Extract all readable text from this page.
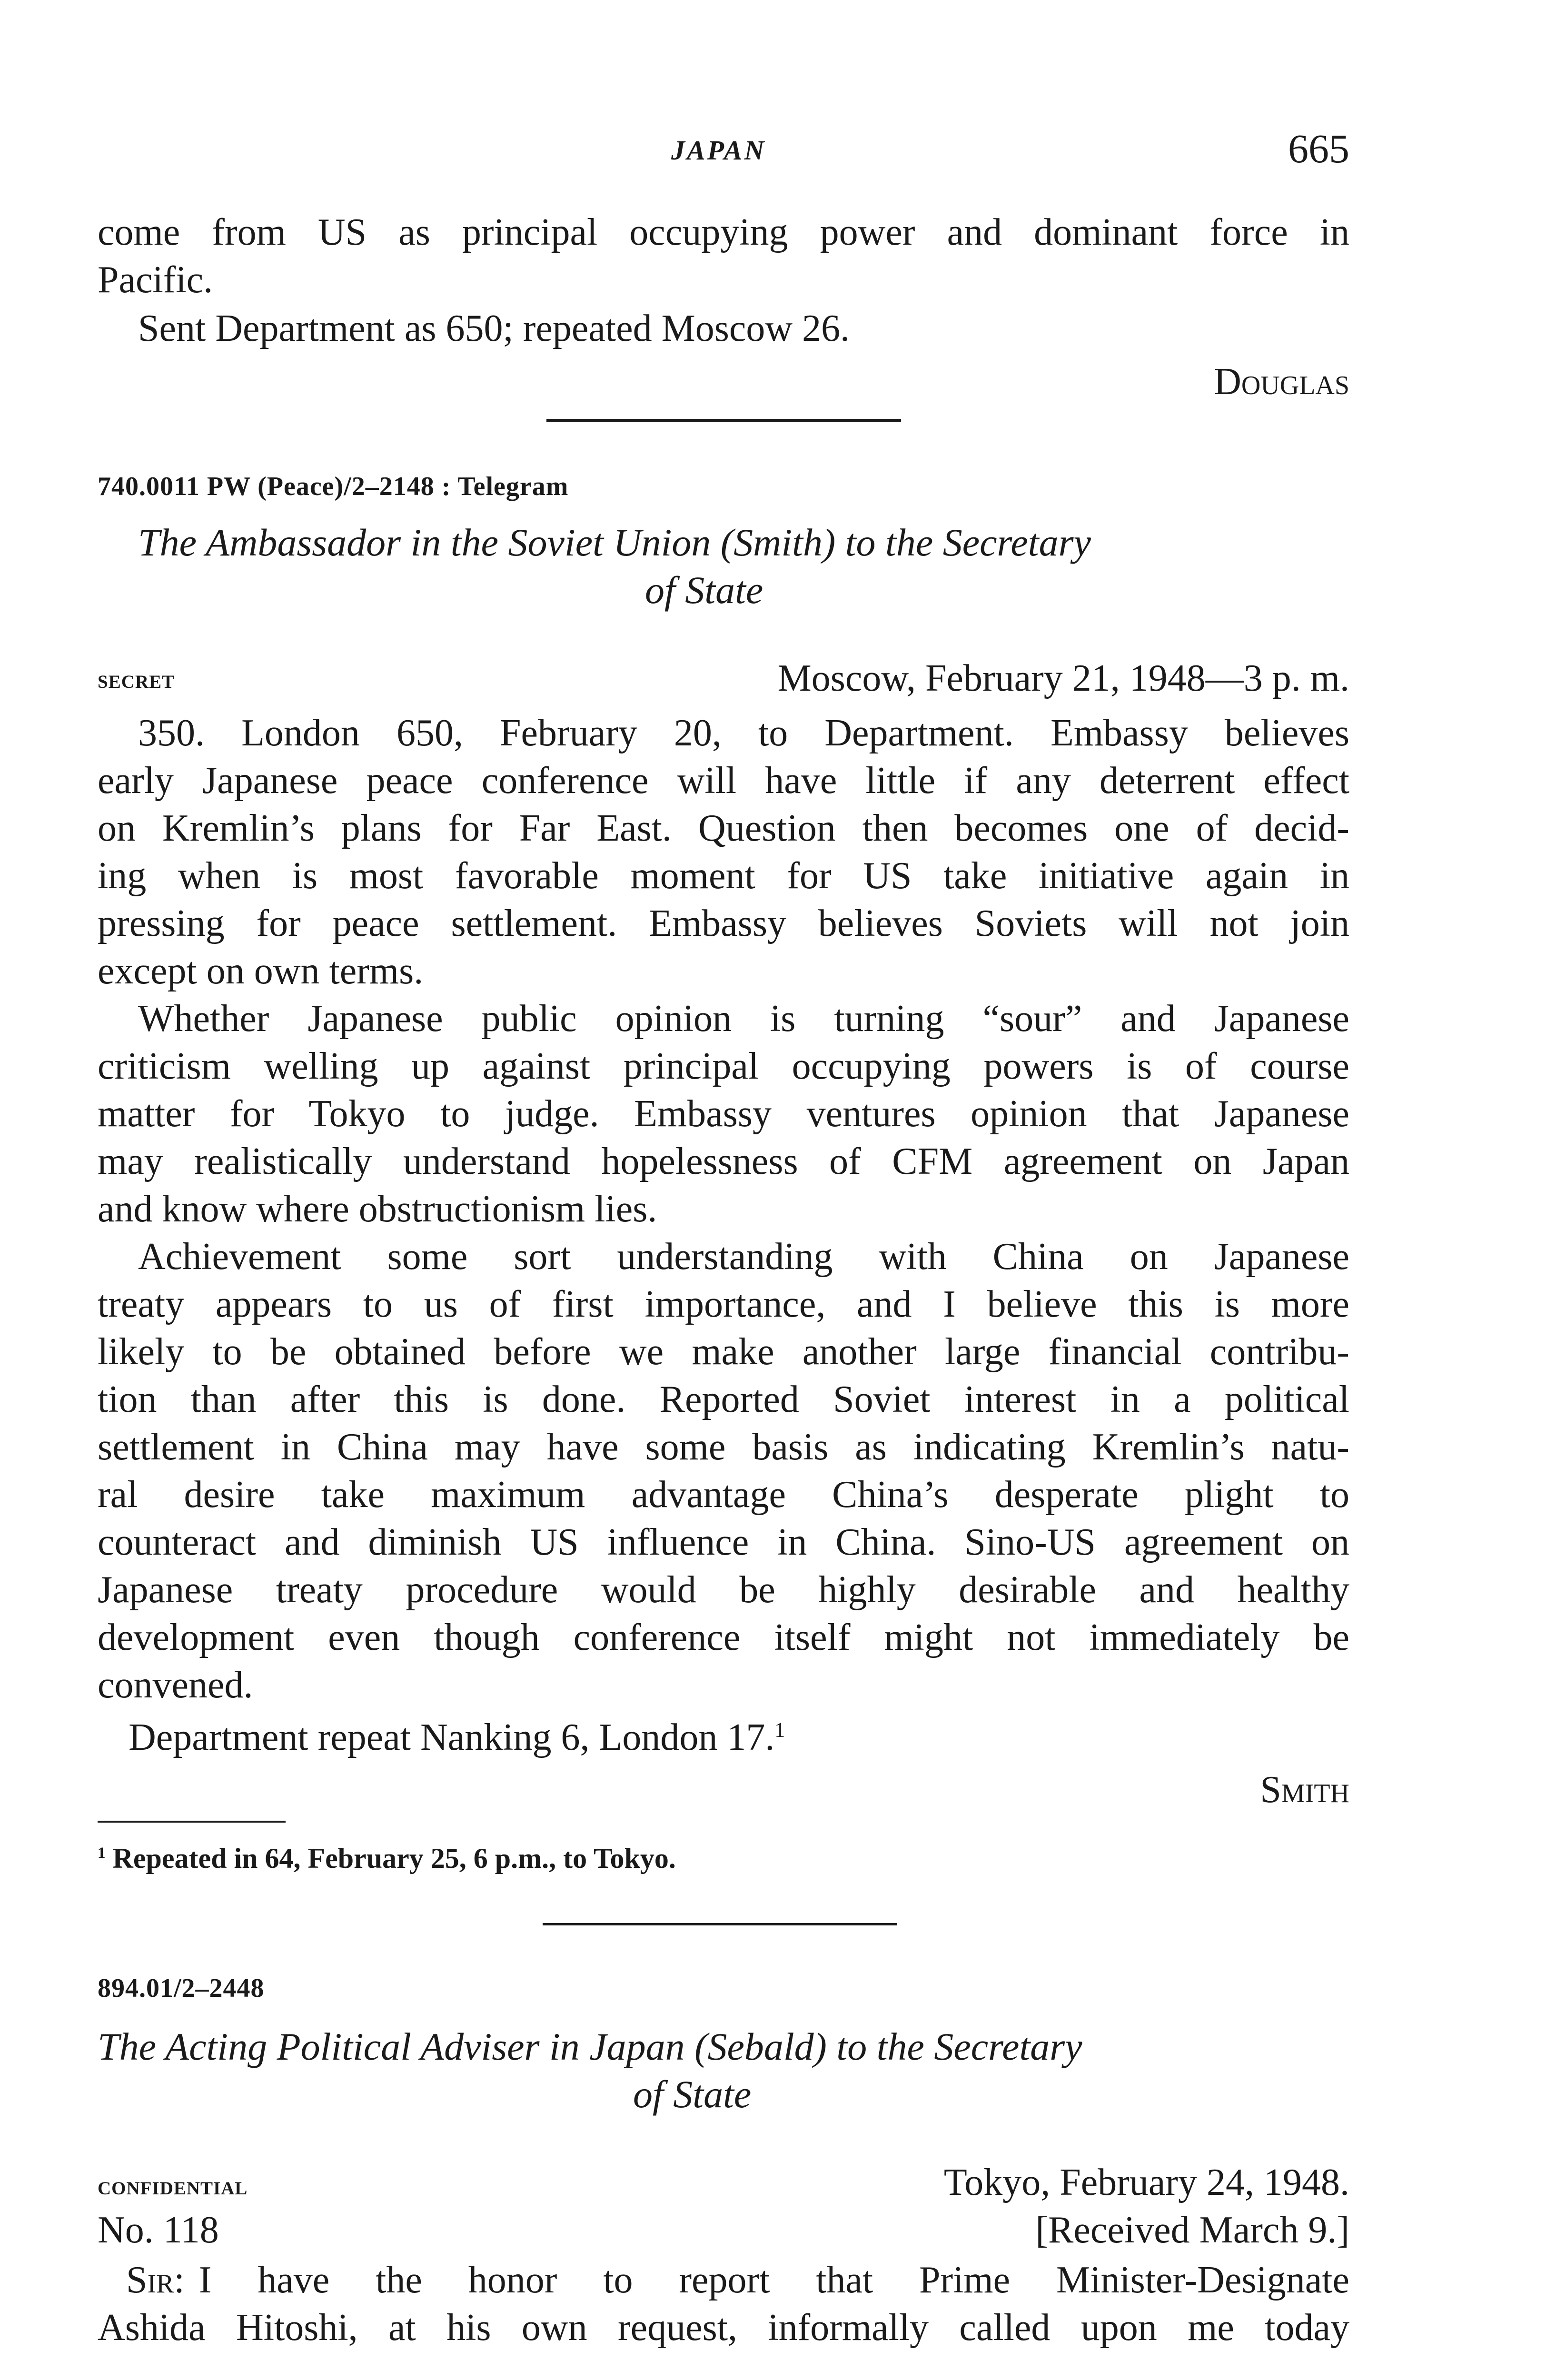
JAPAN	665
come from US as principal occupying power and dominant force in
Pacific.
Sent Department as 650; repeated Moscow 26.
Douglas
740.0011 PW (Peace)/2–2148 : Telegram
The Ambassador in the Soviet Union (Smith) to the Secretary
of State
secret	Moscow, February 21, 1948—3 p. m.
350. London 650, February 20, to Department. Embassy believes
early Japanese peace conference will have little if any deterrent effect
on Kremlin’s plans for Far East. Question then becomes one of decid-
ing when is most favorable moment for US take initiative again in
pressing for peace settlement. Embassy believes Soviets will not join
except on own terms.
Whether Japanese public opinion is turning “sour” and Japanese
criticism welling up against principal occupying powers is of course
matter for Tokyo to judge. Embassy ventures opinion that Japanese
may realistically understand hopelessness of CFM agreement on Japan
and know where obstructionism lies.
Achievement some sort understanding with China on Japanese
treaty appears to us of first importance, and I believe this is more
likely to be obtained before we make another large financial contribu-
tion than after this is done. Reported Soviet interest in a political
settlement in China may have some basis as indicating Kremlin’s natu-
ral desire take maximum advantage China’s desperate plight to
counteract and diminish US influence in China. Sino-US agreement on
Japanese treaty procedure would be highly desirable and healthy
development even though conference itself might not immediately be
convened.
Department repeat Nanking 6, London 17.$^1$
Smith
$^1$ Repeated in 64, February 25, 6 p.m., to Tokyo.
894.01/2–2448
The Acting Political Adviser in Japan (Sebald) to the Secretary
of State
confidential	Tokyo, February 24, 1948.
No. 118	[Received March 9.]
Sir: I have the honor to report that Prime Minister-Designate
Ashida Hitoshi, at his own request, informally called upon me today
